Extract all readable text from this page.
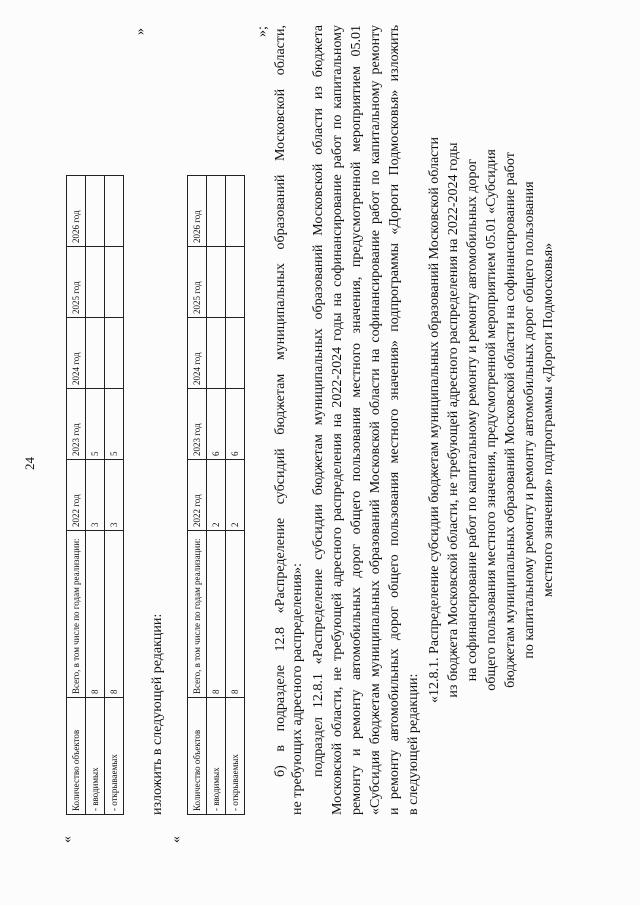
24
«
Количество объектов	Всего, в том числе по годам реализации:	2022 год	2023 год	2024 год	2025 год	2026 год
- вводимых	8	3	5			
- открываемых	8	3	5			
»
изложить в следующей редакции:
«
Количество объектов	Всего, в том числе по годам реализации:	2022 год	2023 год	2024 год	2025 год	2026 год
- вводимых	8	2	6			
- открываемых	8	2	6			
»; б) в подразделе 12.8 «Распределение субсидий бюджетам муниципальных образований Московской области, не требующих адресного распределения»: подраздел 12.8.1 «Распределение субсидии бюджетам муниципальных образований Московской области из бюджета Московской области, не требующей адресного распределения на 2022-2024 годы на софинансирование работ по капитальному ремонту и ремонту автомобильных дорог общего пользования местного значения, предусмотренной мероприятием 05.01 «Субсидия бюджетам муниципальных образований Московской области на софинансирование работ по капитальному ремонту и ремонту автомобильных дорог общего пользования местного значения» подпрограммы «Дороги Подмосковья» изложить в следующей редакции:
«12.8.1. Распределение субсидии бюджетам муниципальных образований Московской области из бюджета Московской области, не требующей адресного распределения на 2022-2024 годы на софинансирование работ по капитальному ремонту и ремонту автомобильных дорог общего пользования местного значения, предусмотренной мероприятием 05.01 «Субсидия бюджетам муниципальных образований Московской области на софинансирование работ по капитальному ремонту и ремонту автомобильных дорог общего пользования местного значения» подпрограммы «Дороги Подмосковья»
